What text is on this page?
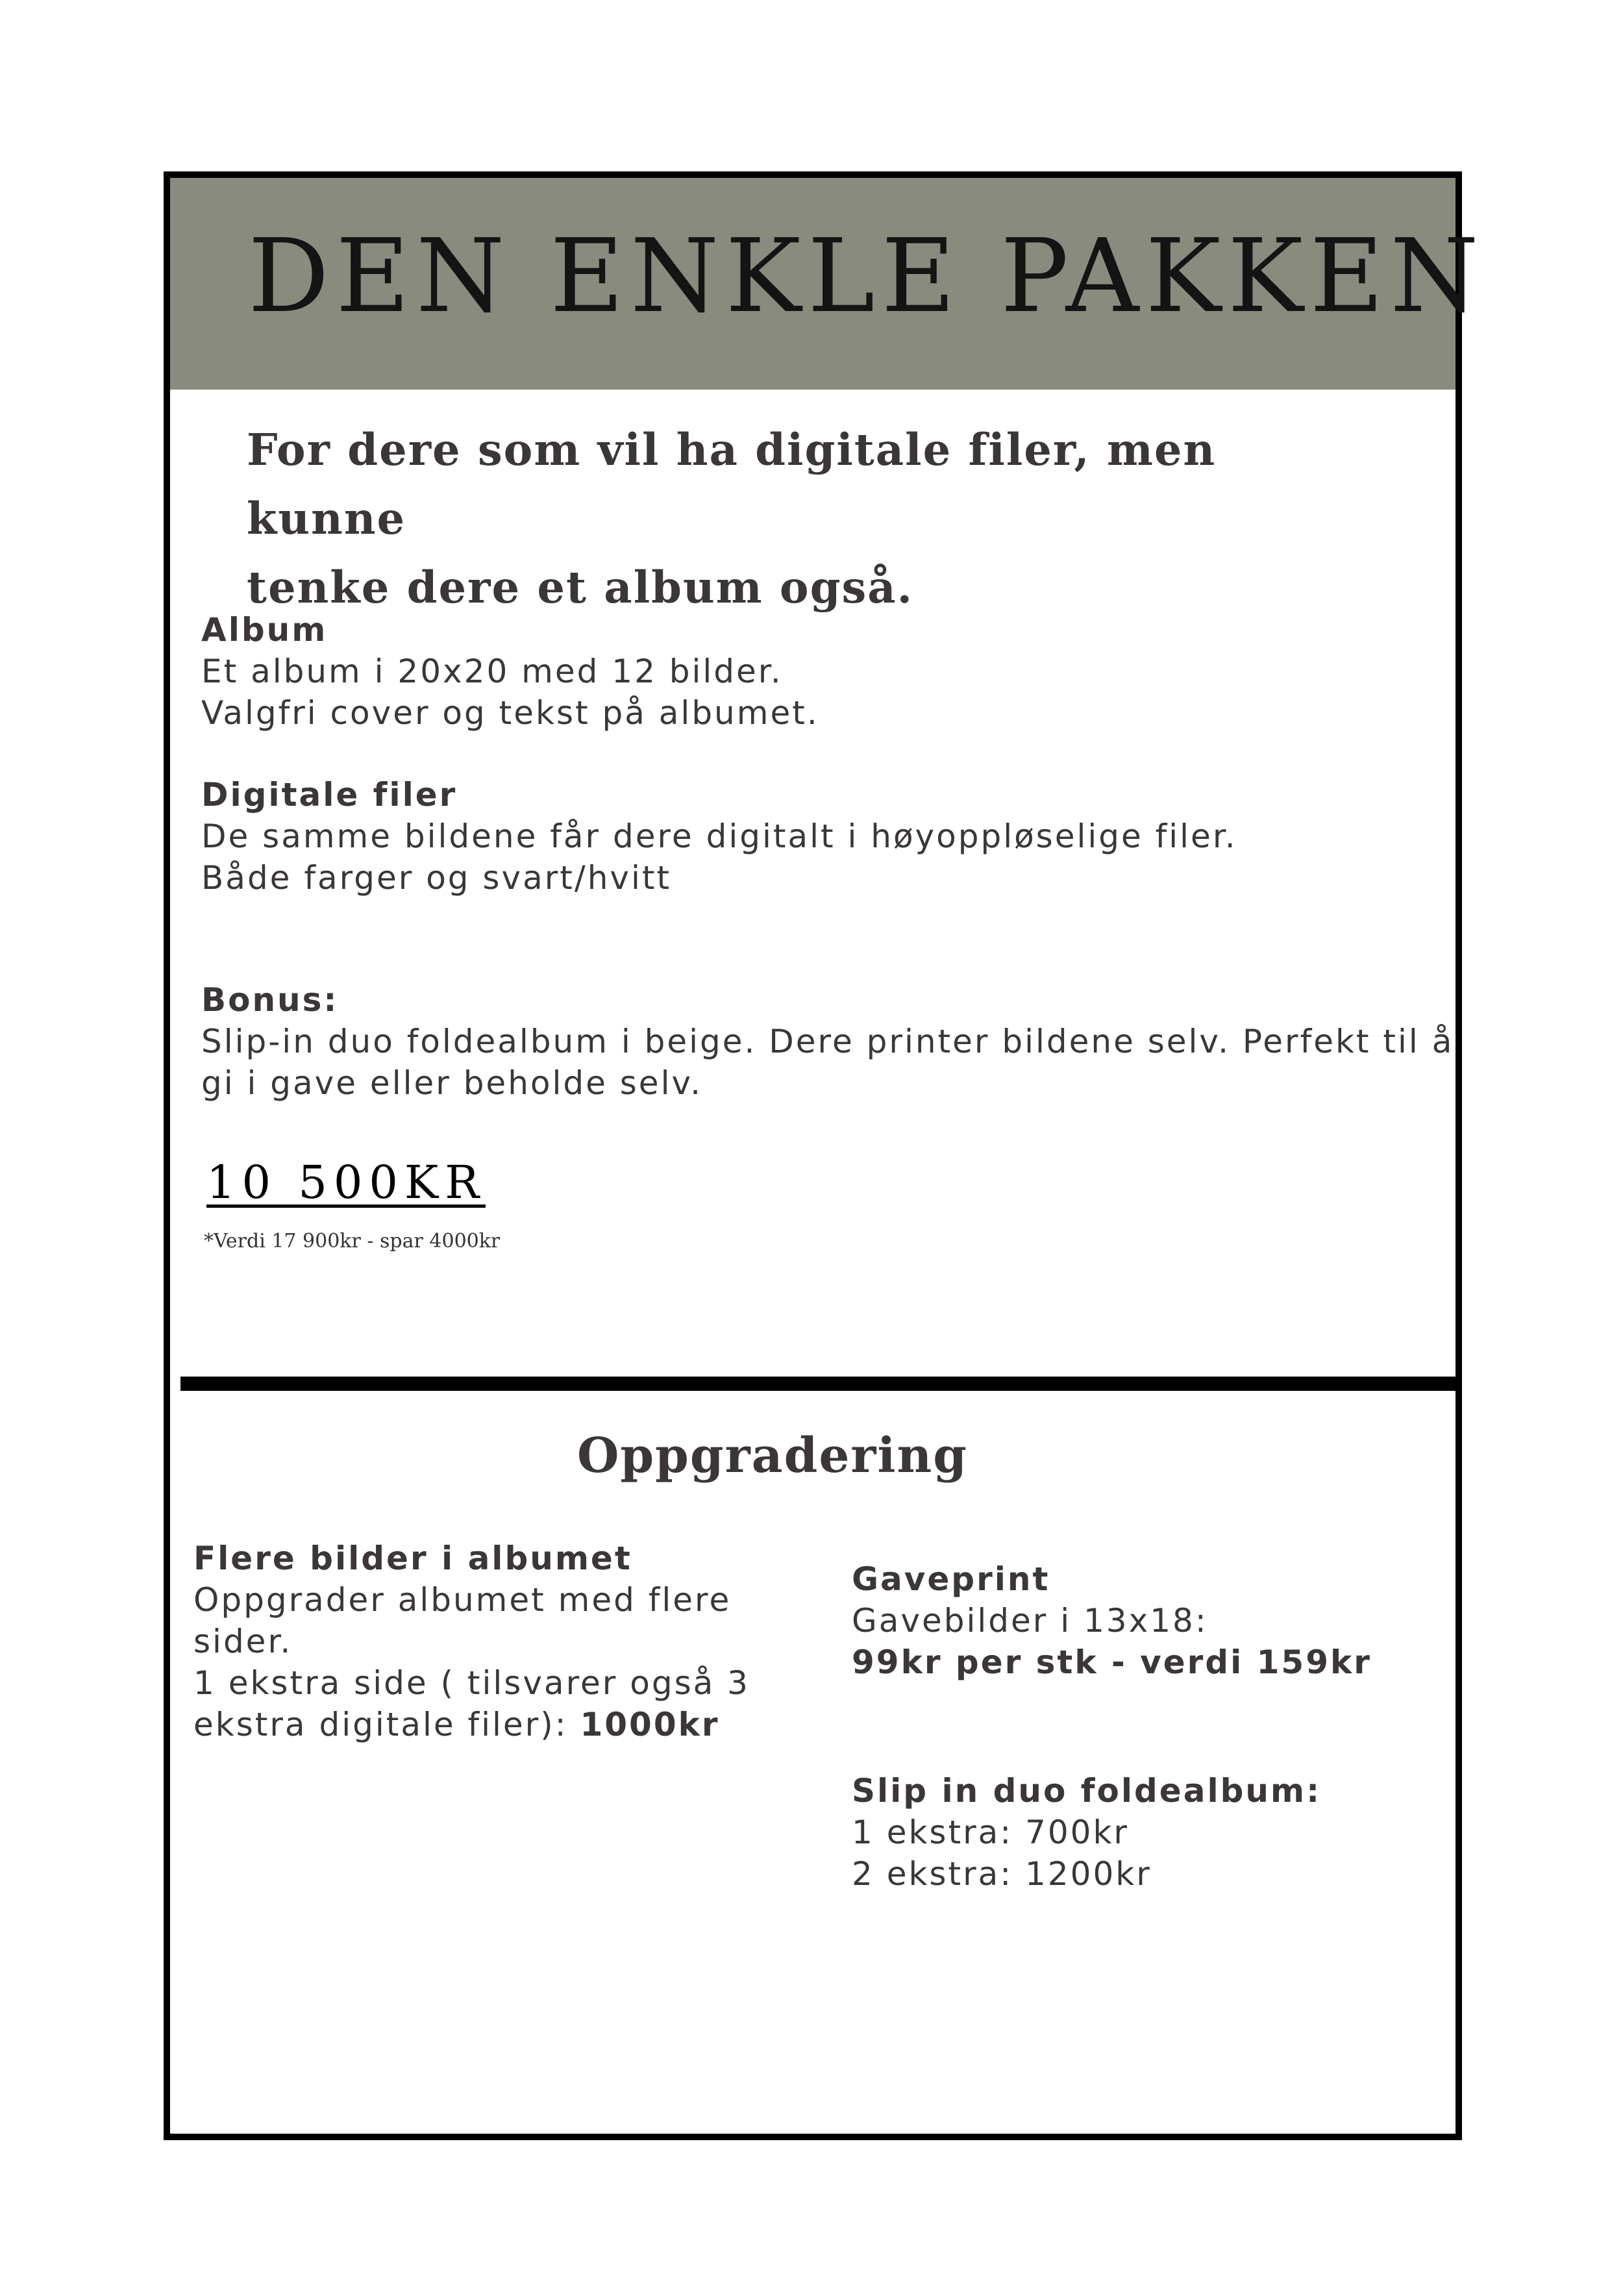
DEN ENKLE PAKKEN
For dere som vil ha digitale filer, men kunne
tenke dere et album også.
Album
Et album i 20x20 med 12 bilder.
Valgfri cover og tekst på albumet.
Digitale filer
De samme bildene får dere digitalt i høyoppløselige filer.
Både farger og svart/hvitt
Bonus:
Slip-in duo foldealbum i beige. Dere printer bildene selv. Perfekt til å
gi i gave eller beholde selv.
10 500KR
*Verdi 17 900kr - spar 4000kr
Oppgradering
Flere bilder i albumet
Oppgrader albumet med flere
sider.
1 ekstra side ( tilsvarer også 3
ekstra digitale filer): 1000kr
Gaveprint
Gavebilder i 13x18:
99kr per stk - verdi 159kr
Slip in duo foldealbum:
1 ekstra: 700kr
2 ekstra: 1200kr
